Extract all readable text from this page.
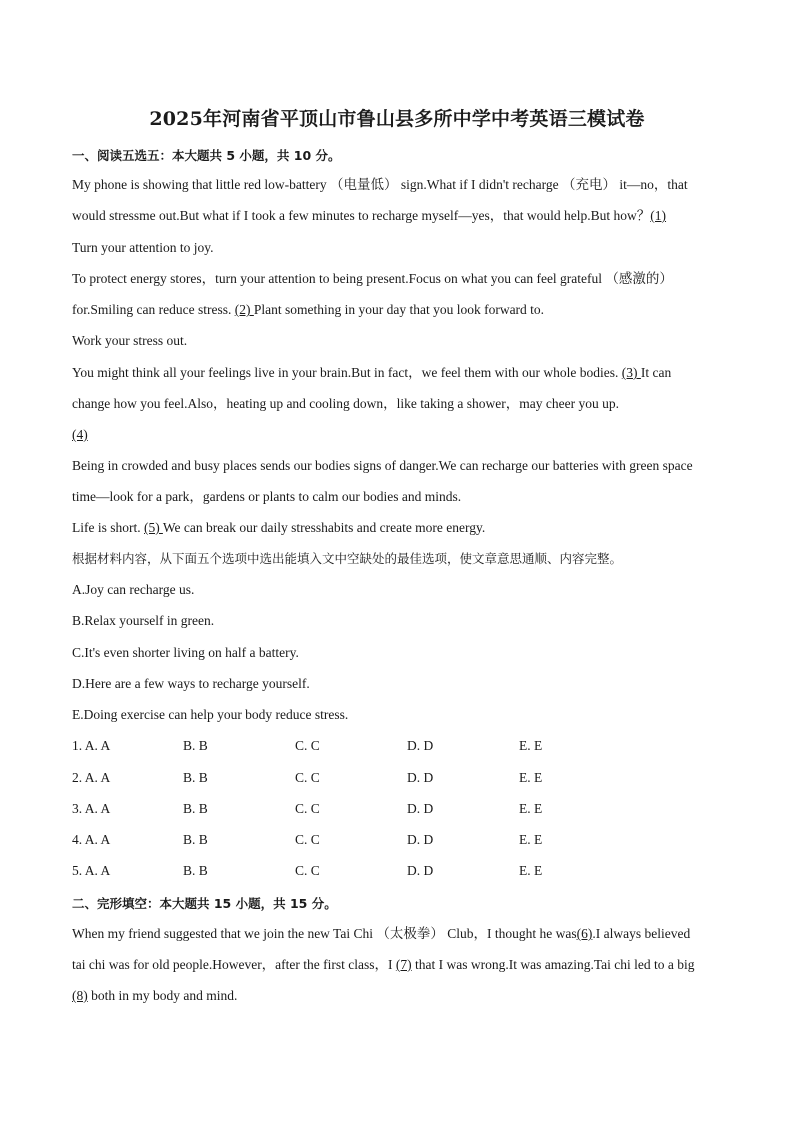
2025年河南省平顶山市鲁山县多所中学中考英语三模试卷
一、阅读五选五：本大题共 5 小题，共 10 分。
My phone is showing that little red low-battery （电量低） sign.What if I didn't recharge （充电） it—no，that
would stressme out.But what if I took a few minutes to recharge myself—yes，that would help.But how？(1)
Turn your attention to joy.
To protect energy stores，turn your attention to being present.Focus on what you can feel grateful （感激的）
for.Smiling can reduce stress. (2) Plant something in your day that you look forward to.
Work your stress out.
You might think all your feelings live in your brain.But in fact，we feel them with our whole bodies. (3) It can
change how you feel.Also，heating up and cooling down，like taking a shower，may cheer you up.
(4)
Being in crowded and busy places sends our bodies signs of danger.We can recharge our batteries with green space
time—look for a park，gardens or plants to calm our bodies and minds.
Life is short. (5) We can break our daily stresshabits and create more energy.
根据材料内容，从下面五个选项中选出能填入文中空缺处的最佳选项，使文章意思通顺、内容完整。
A.Joy can recharge us.
B.Relax yourself in green.
C.It's even shorter living on half a battery.
D.Here are a few ways to recharge yourself.
E.Doing exercise can help your body reduce stress.
1. A. A	B. B	C. C	D. D	E. E
2. A. A	B. B	C. C	D. D	E. E
3. A. A	B. B	C. C	D. D	E. E
4. A. A	B. B	C. C	D. D	E. E
5. A. A	B. B	C. C	D. D	E. E
二、完形填空：本大题共 15 小题，共 15 分。
When my friend suggested that we join the new Tai Chi （太极拳） Club，I thought he was(6).I always believed
tai chi was for old people.However，after the first class，I (7) that I was wrong.It was amazing.Tai chi led to a big
(8) both in my body and mind.
